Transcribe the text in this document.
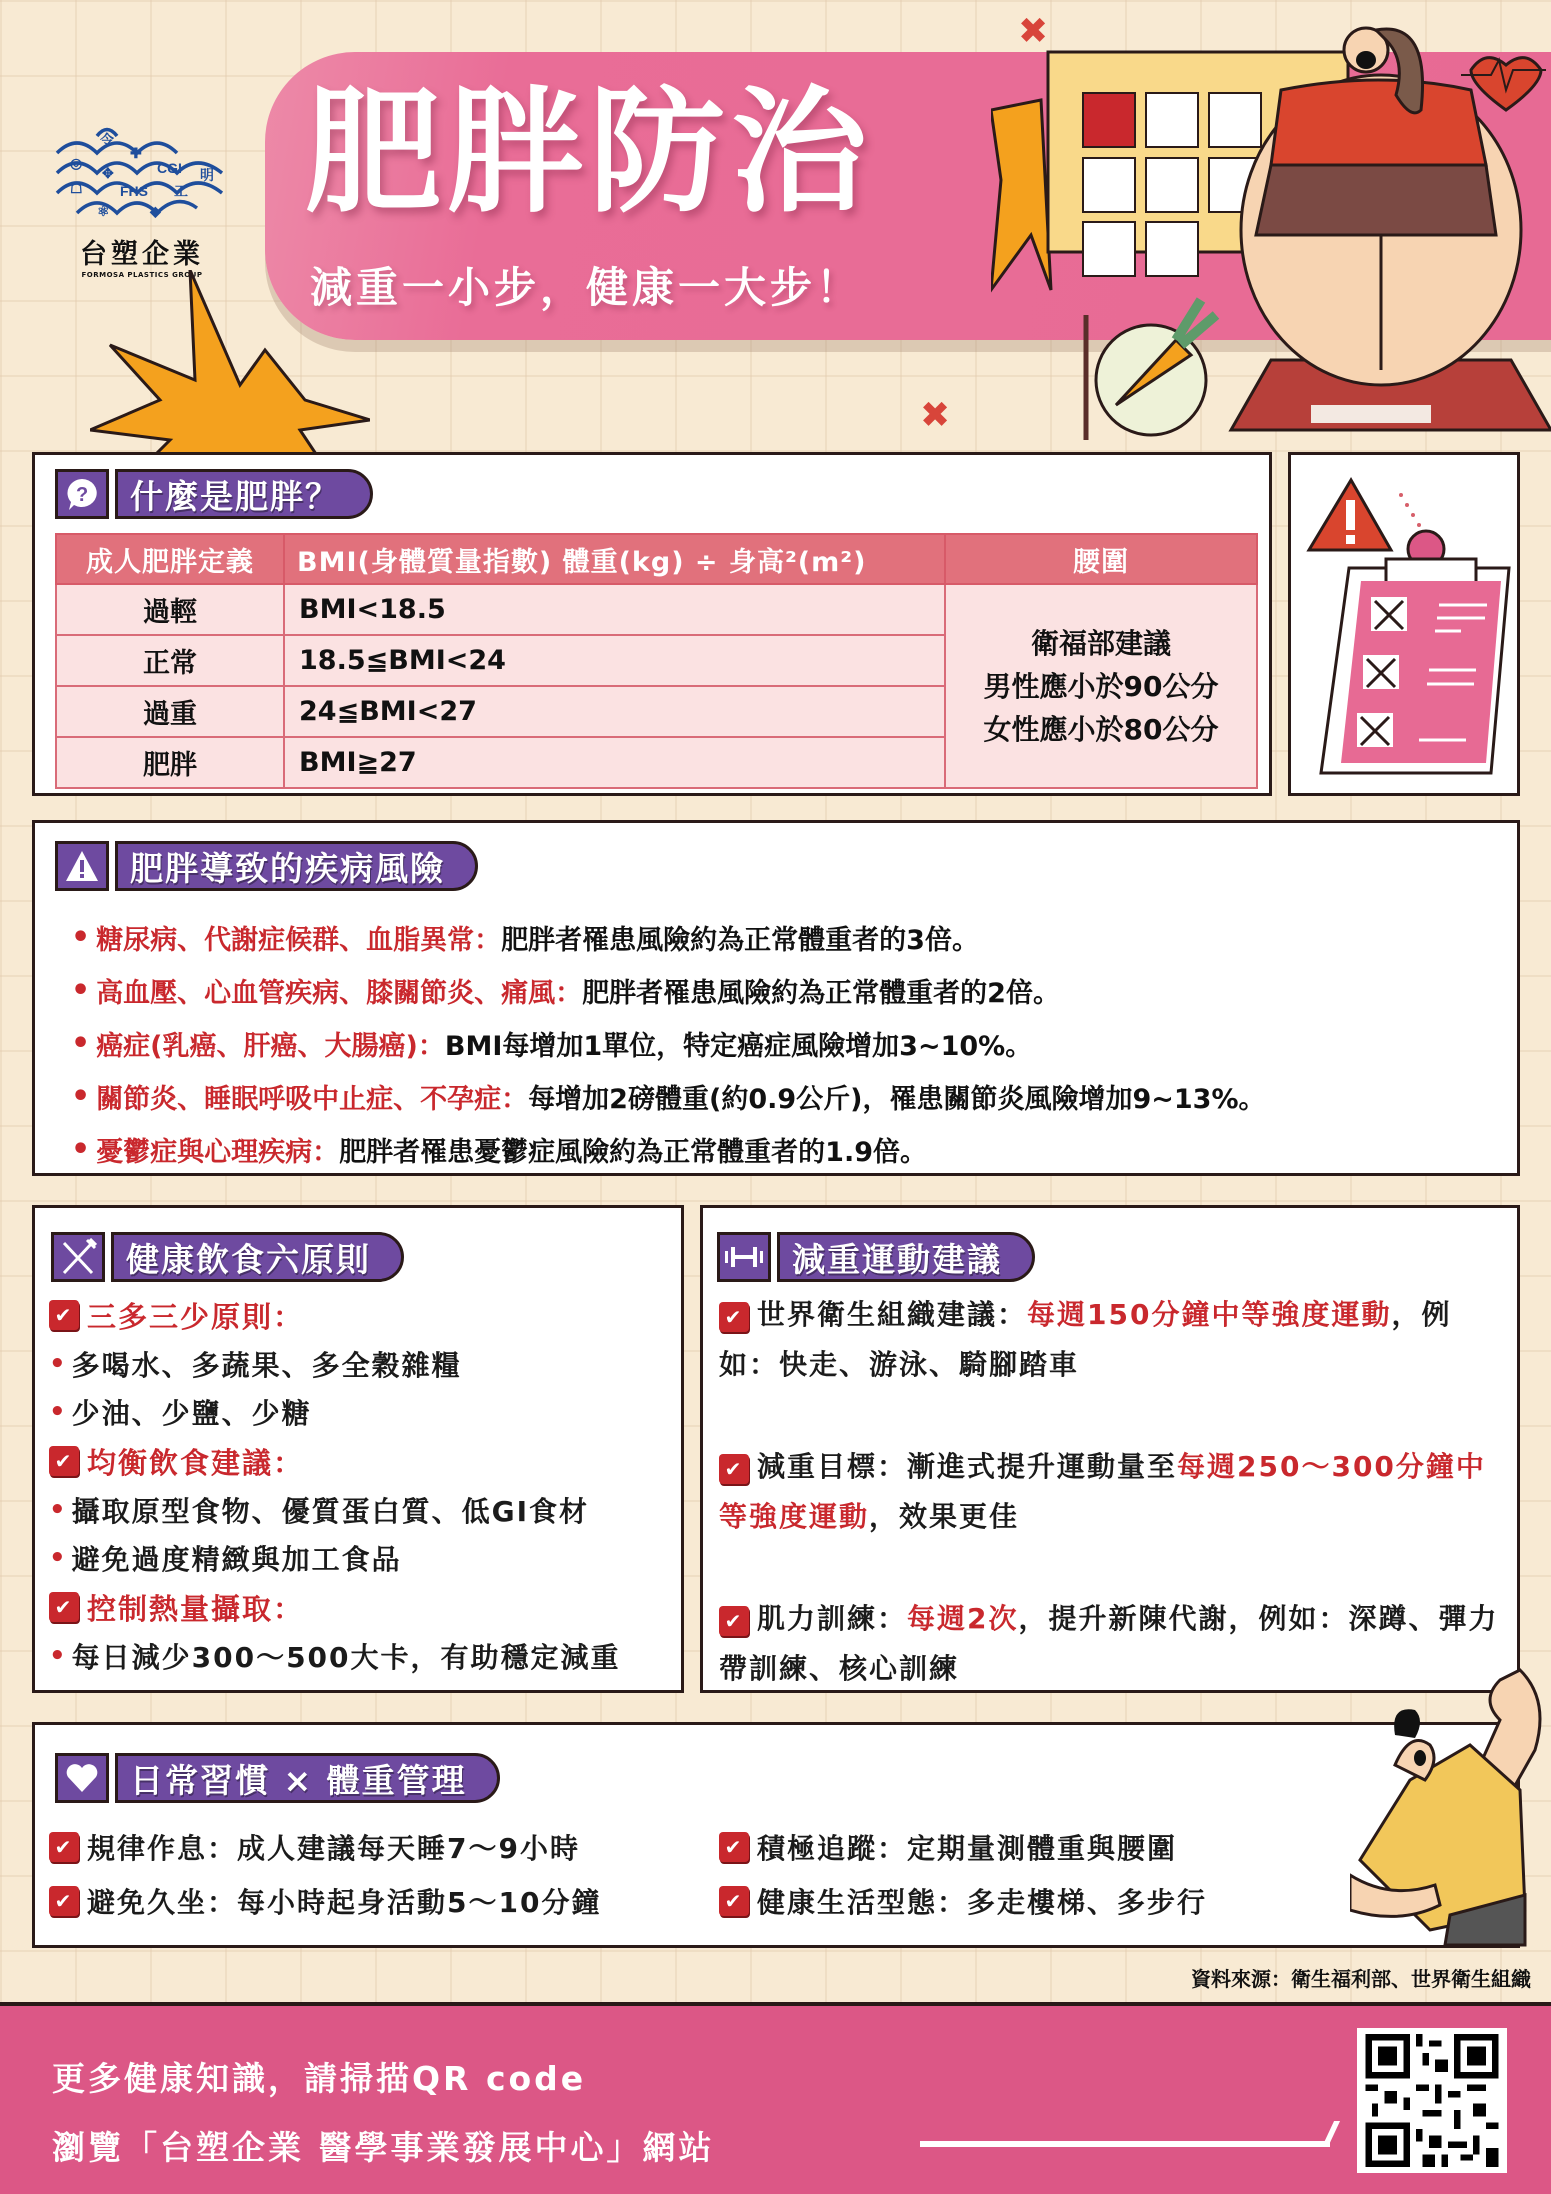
令
✚
◎
✥	CGI 明
☖	FHS 工
⚛	◆
台塑企業
FORMOSA PLASTICS GROUP
肥胖防治
減重一小步，健康一大步！
✖
✖
?	什麼是肥胖？
成人肥胖定義	BMI(身體質量指數) 體重(kg) ÷ 身高²(m²)	腰圍
過輕	BMI<18.5	衛福部建議
男性應小於90公分
女性應小於80公分

正常	18.5≦BMI<24	
過重	24≦BMI<27	
肥胖	BMI≧27	
肥胖導致的疾病風險
• 糖尿病、代謝症候群、血脂異常： 肥胖者罹患風險約為正常體重者的3倍。
• 高血壓、心血管疾病、膝關節炎、痛風： 肥胖者罹患風險約為正常體重者的2倍。
• 癌症(乳癌、肝癌、大腸癌)： BMI每增加1單位，特定癌症風險增加3~10%。
• 關節炎、睡眠呼吸中止症、不孕症： 每增加2磅體重(約0.9公斤)，罹患關節炎風險增加9~13%。
• 憂鬱症與心理疾病： 肥胖者罹患憂鬱症風險約為正常體重者的1.9倍。
健康飲食六原則
✔ 三多三少原則：
• 多喝水、多蔬果、多全穀雜糧
• 少油、少鹽、少糖
✔ 均衡飲食建議：
• 攝取原型食物、優質蛋白質、低GI食材
• 避免過度精緻與加工食品
✔ 控制熱量攝取：
• 每日減少300～500大卡，有助穩定減重
減重運動建議
✔ 世界衛生組織建議：每週150分鐘中等強度運動，例如：快走、游泳、騎腳踏車
✔ 減重目標：漸進式提升運動量至每週250～300分鐘中等強度運動，效果更佳
✔ 肌力訓練：每週2次，提升新陳代謝，例如：深蹲、彈力帶訓練、核心訓練
日常習慣 × 體重管理
✔ 規律作息：成人建議每天睡7～9小時	✔ 積極追蹤：定期量測體重與腰圍
✔ 避免久坐：每小時起身活動5～10分鐘	✔ 健康生活型態：多走樓梯、多步行
資料來源：衛生福利部、世界衛生組織
更多健康知識，請掃描QR code
瀏覽「台塑企業 醫學事業發展中心」網站
